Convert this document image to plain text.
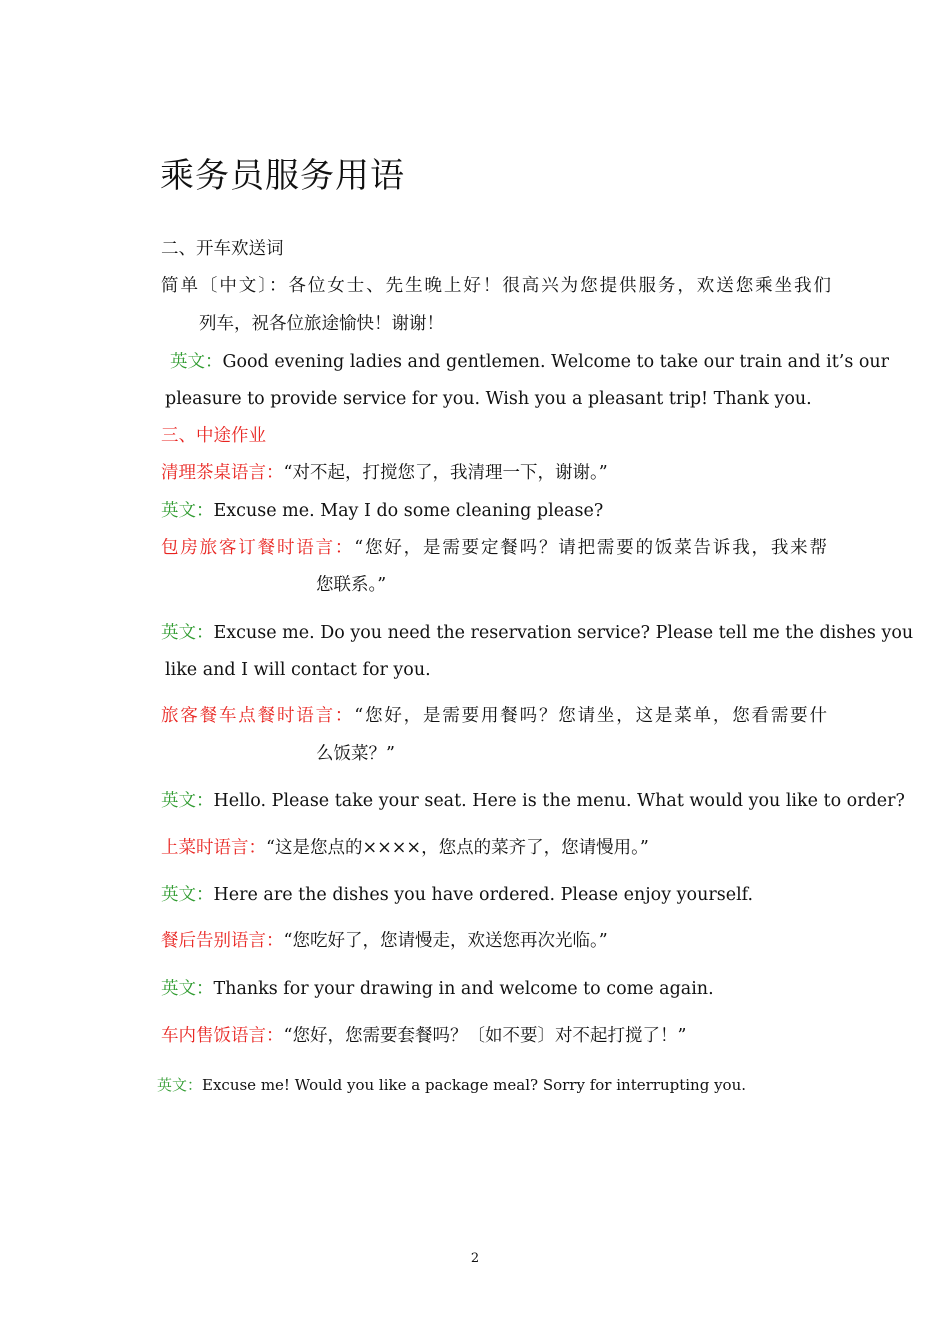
乘务员服务用语
二、开车欢送词
简单〔中文〕：各位女士、先生晚上好！很高兴为您提供服务，欢送您乘坐我们
列车，祝各位旅途愉快！谢谢！
英文：Good evening ladies and gentlemen. Welcome to take our train and it’s our
pleasure to provide service for you. Wish you a pleasant trip! Thank you.
三、中途作业
清理茶桌语言：“对不起，打搅您了，我清理一下，谢谢。”
英文：Excuse me. May I do some cleaning please?
包房旅客订餐时语言：“您好，是需要定餐吗？请把需要的饭菜告诉我，我来帮
您联系。”
英文：Excuse me. Do you need the reservation service? Please tell me the dishes you
like and I will contact for you.
旅客餐车点餐时语言：“您好，是需要用餐吗？您请坐，这是菜单，您看需要什
么饭菜？”
英文：Hello. Please take your seat. Here is the menu. What would you like to order?
上菜时语言：“这是您点的××××，您点的菜齐了，您请慢用。”
英文：Here are the dishes you have ordered. Please enjoy yourself.
餐后告别语言：“您吃好了，您请慢走，欢送您再次光临。”
英文：Thanks for your drawing in and welcome to come again.
车内售饭语言：“您好，您需要套餐吗？〔如不要〕对不起打搅了！”
英文：Excuse me! Would you like a package meal? Sorry for interrupting you.
2
